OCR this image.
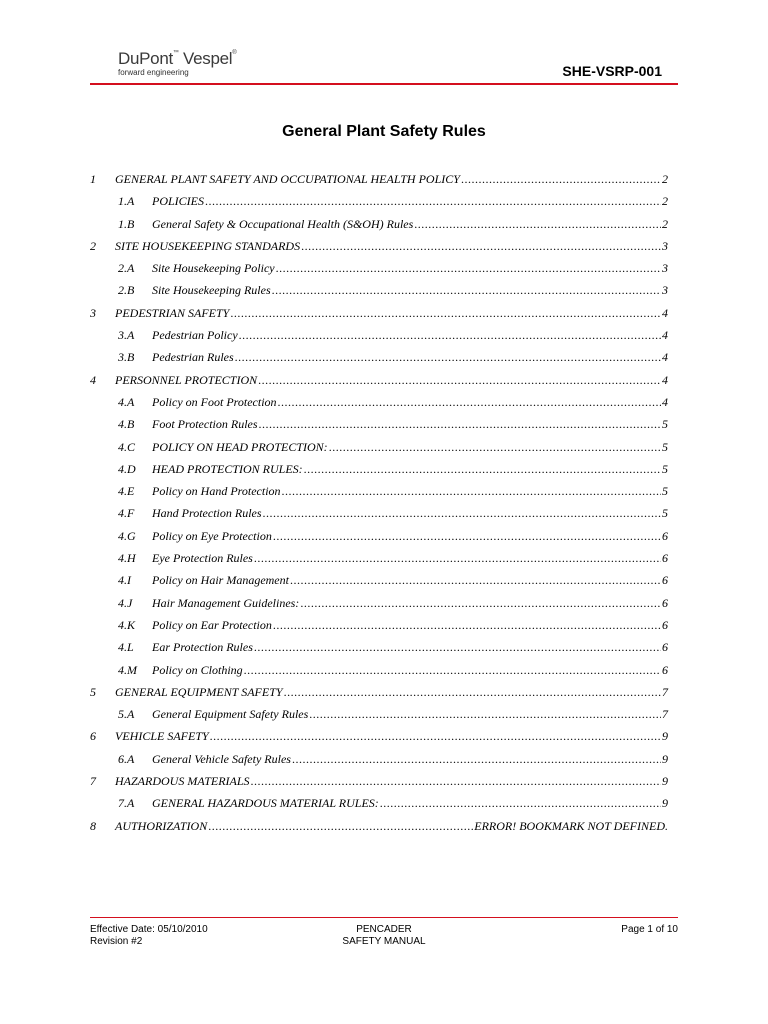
DuPont™ Vespel®
forward engineering	SHE-VSRP-001
General Plant Safety Rules
1 GENERAL PLANT SAFETY AND OCCUPATIONAL HEALTH POLICY .....	2
1.A POLICIES .....	2
1.B General Safety & Occupational Health (S&OH) Rules .....	2
2 SITE HOUSEKEEPING STANDARDS .....	3
2.A Site Housekeeping Policy .....	3
2.B Site Housekeeping Rules .....	3
3 PEDESTRIAN SAFETY .....	4
3.A Pedestrian Policy .....	4
3.B Pedestrian Rules .....	4
4 PERSONNEL PROTECTION .....	4
4.A Policy on Foot Protection .....	4
4.B Foot Protection Rules .....	5
4.C POLICY ON HEAD PROTECTION: .....	5
4.D HEAD PROTECTION RULES: .....	5
4.E Policy on Hand Protection .....	5
4.F Hand Protection Rules .....	5
4.G Policy on Eye Protection .....	6
4.H Eye Protection Rules .....	6
4.I Policy on Hair Management .....	6
4.J Hair Management Guidelines: .....	6
4.K Policy on Ear Protection .....	6
4.L Ear Protection Rules .....	6
4.M Policy on Clothing .....	6
5 GENERAL EQUIPMENT SAFETY .....	7
5.A General Equipment Safety Rules .....	7
6 VEHICLE SAFETY .....	9
6.A General Vehicle Safety Rules .....	9
7 HAZARDOUS MATERIALS .....	9
7.A GENERAL HAZARDOUS MATERIAL RULES: .....	9
8 AUTHORIZATION .....	ERROR! BOOKMARK NOT DEFINED.
Effective Date: 05/10/2010
Revision #2
PENCADER
SAFETY MANUAL
Page 1 of 10
